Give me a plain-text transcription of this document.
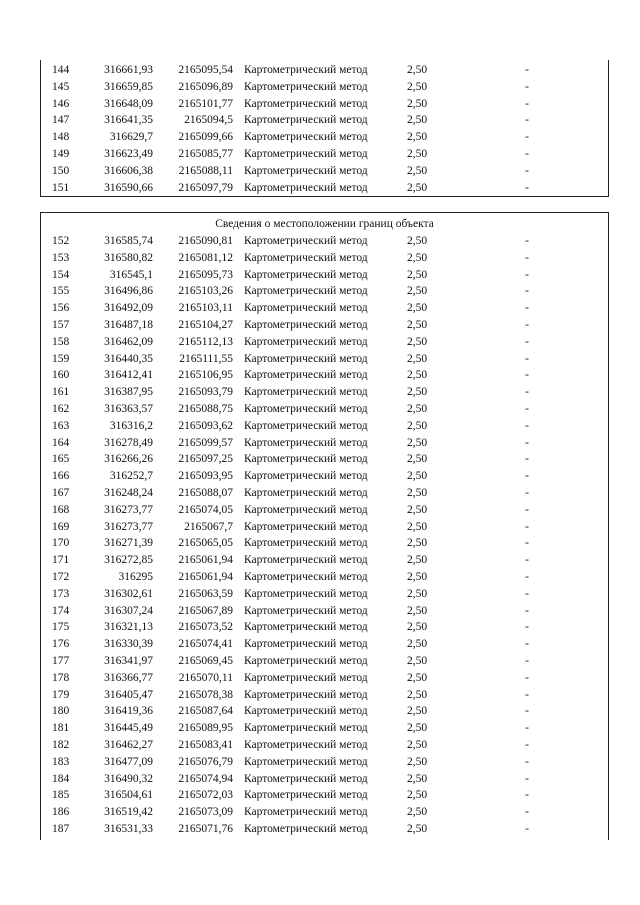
144	316661,93	2165095,54 Картометрический метод	2,50	-
145	316659,85	2165096,89 Картометрический метод	2,50	-
146	316648,09	2165101,77 Картометрический метод	2,50	-
147	316641,35	2165094,5 Картометрический метод	2,50	-
148	316629,7	2165099,66 Картометрический метод	2,50	-
149	316623,49	2165085,77 Картометрический метод	2,50	-
150	316606,38	2165088,11 Картометрический метод	2,50	-
151	316590,66	2165097,79 Картометрический метод	2,50	-
Сведения о местоположении границ объекта
152	316585,74	2165090,81 Картометрический метод	2,50	-
153	316580,82	2165081,12 Картометрический метод	2,50	-
154	316545,1	2165095,73 Картометрический метод	2,50	-
155	316496,86	2165103,26 Картометрический метод	2,50	-
156	316492,09	2165103,11 Картометрический метод	2,50	-
157	316487,18	2165104,27 Картометрический метод	2,50	-
158	316462,09	2165112,13 Картометрический метод	2,50	-
159	316440,35	2165111,55 Картометрический метод	2,50	-
160	316412,41	2165106,95 Картометрический метод	2,50	-
161	316387,95	2165093,79 Картометрический метод	2,50	-
162	316363,57	2165088,75 Картометрический метод	2,50	-
163	316316,2	2165093,62 Картометрический метод	2,50	-
164	316278,49	2165099,57 Картометрический метод	2,50	-
165	316266,26	2165097,25 Картометрический метод	2,50	-
166	316252,7	2165093,95 Картометрический метод	2,50	-
167	316248,24	2165088,07 Картометрический метод	2,50	-
168	316273,77	2165074,05 Картометрический метод	2,50	-
169	316273,77	2165067,7 Картометрический метод	2,50	-
170	316271,39	2165065,05 Картометрический метод	2,50	-
171	316272,85	2165061,94 Картометрический метод	2,50	-
172	316295	2165061,94 Картометрический метод	2,50	-
173	316302,61	2165063,59 Картометрический метод	2,50	-
174	316307,24	2165067,89 Картометрический метод	2,50	-
175	316321,13	2165073,52 Картометрический метод	2,50	-
176	316330,39	2165074,41 Картометрический метод	2,50	-
177	316341,97	2165069,45 Картометрический метод	2,50	-
178	316366,77	2165070,11 Картометрический метод	2,50	-
179	316405,47	2165078,38 Картометрический метод	2,50	-
180	316419,36	2165087,64 Картометрический метод	2,50	-
181	316445,49	2165089,95 Картометрический метод	2,50	-
182	316462,27	2165083,41 Картометрический метод	2,50	-
183	316477,09	2165076,79 Картометрический метод	2,50	-
184	316490,32	2165074,94 Картометрический метод	2,50	-
185	316504,61	2165072,03 Картометрический метод	2,50	-
186	316519,42	2165073,09 Картометрический метод	2,50	-
187	316531,33	2165071,76 Картометрический метод	2,50	-
